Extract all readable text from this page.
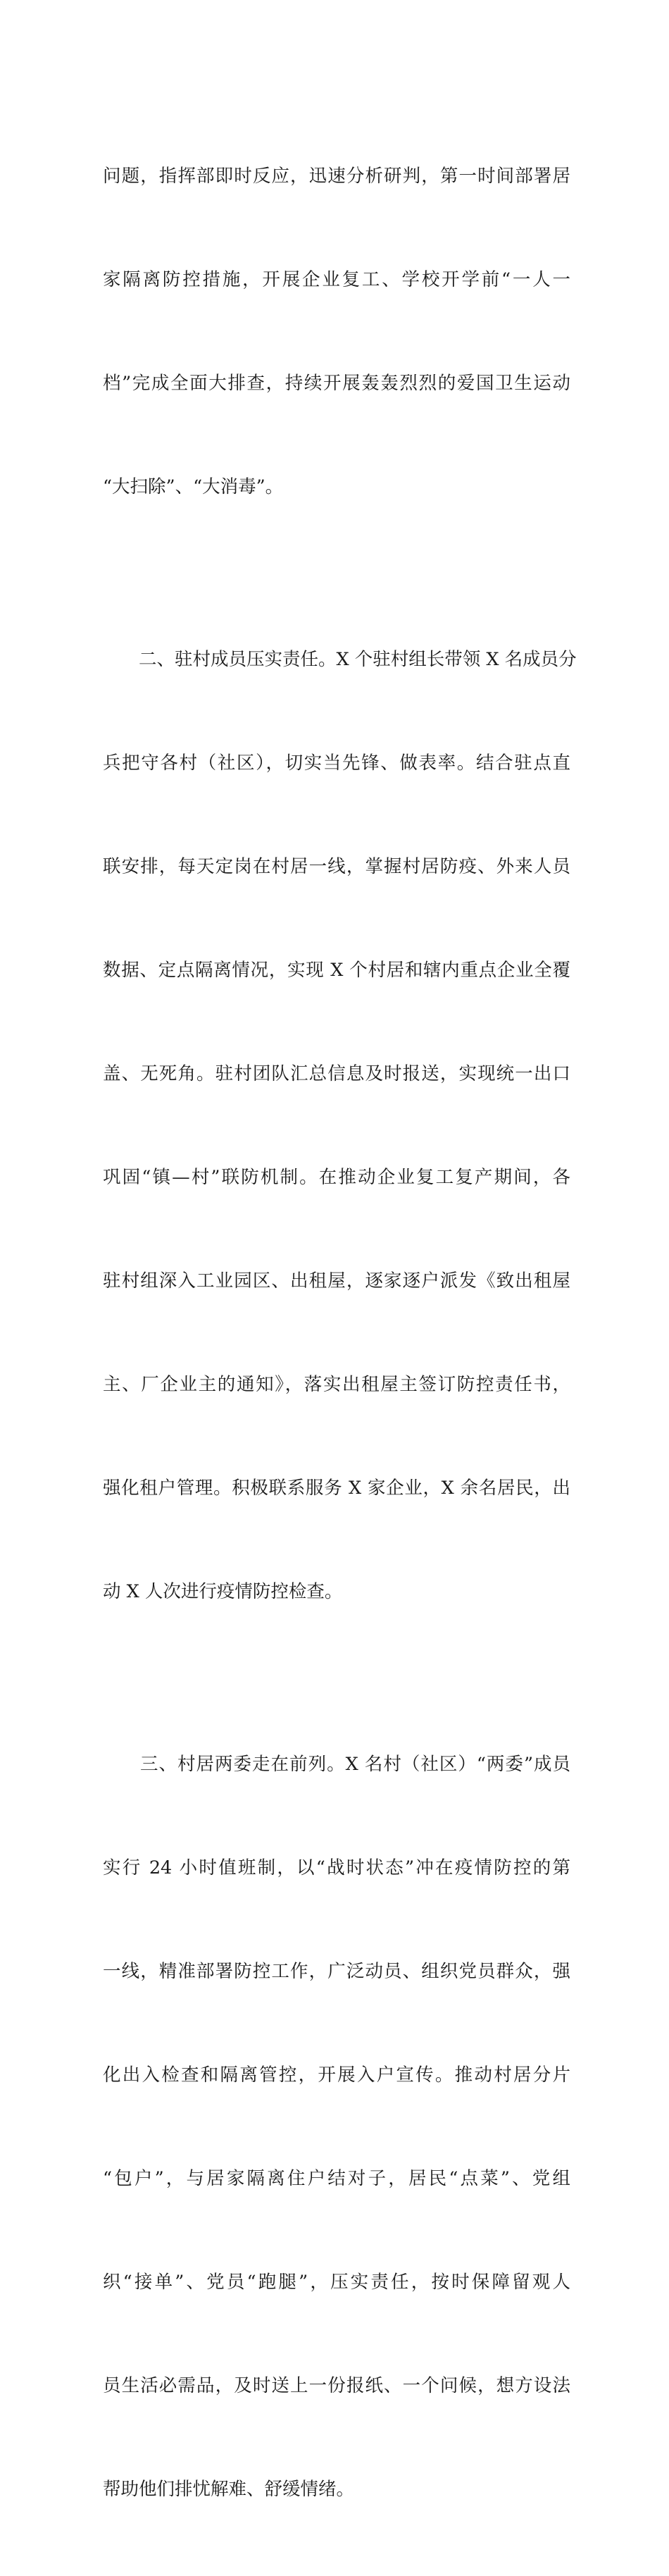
问题，指挥部即时反应，迅速分析研判，第一时间部署居

家隔离防控措施，开展企业复工、学校开学前“一人一

档”完成全面大排查，持续开展轰轰烈烈的爱国卫生运动

“大扫除”、“大消毒”。

　　二、驻村成员压实责任。X 个驻村组长带领 X 名成员分

兵把守各村（社区），切实当先锋、做表率。结合驻点直

联安排，每天定岗在村居一线，掌握村居防疫、外来人员

数据、定点隔离情况，实现 X 个村居和辖内重点企业全覆

盖、无死角。驻村团队汇总信息及时报送，实现统一出口

巩固“镇—村”联防机制。在推动企业复工复产期间，各

驻村组深入工业园区、出租屋，逐家逐户派发《致出租屋

主、厂企业主的通知》，落实出租屋主签订防控责任书，

强化租户管理。积极联系服务 X 家企业，X 余名居民，出

动 X 人次进行疫情防控检查。

　　三、村居两委走在前列。X 名村（社区）“两委”成员

实行 24 小时值班制，以“战时状态”冲在疫情防控的第

一线，精准部署防控工作，广泛动员、组织党员群众，强

化出入检查和隔离管控，开展入户宣传。推动村居分片

“包户”，与居家隔离住户结对子，居民“点菜”、党组

织“接单”、党员“跑腿”，压实责任，按时保障留观人

员生活必需品，及时送上一份报纸、一个问候，想方设法

帮助他们排忧解难、舒缓情绪。
